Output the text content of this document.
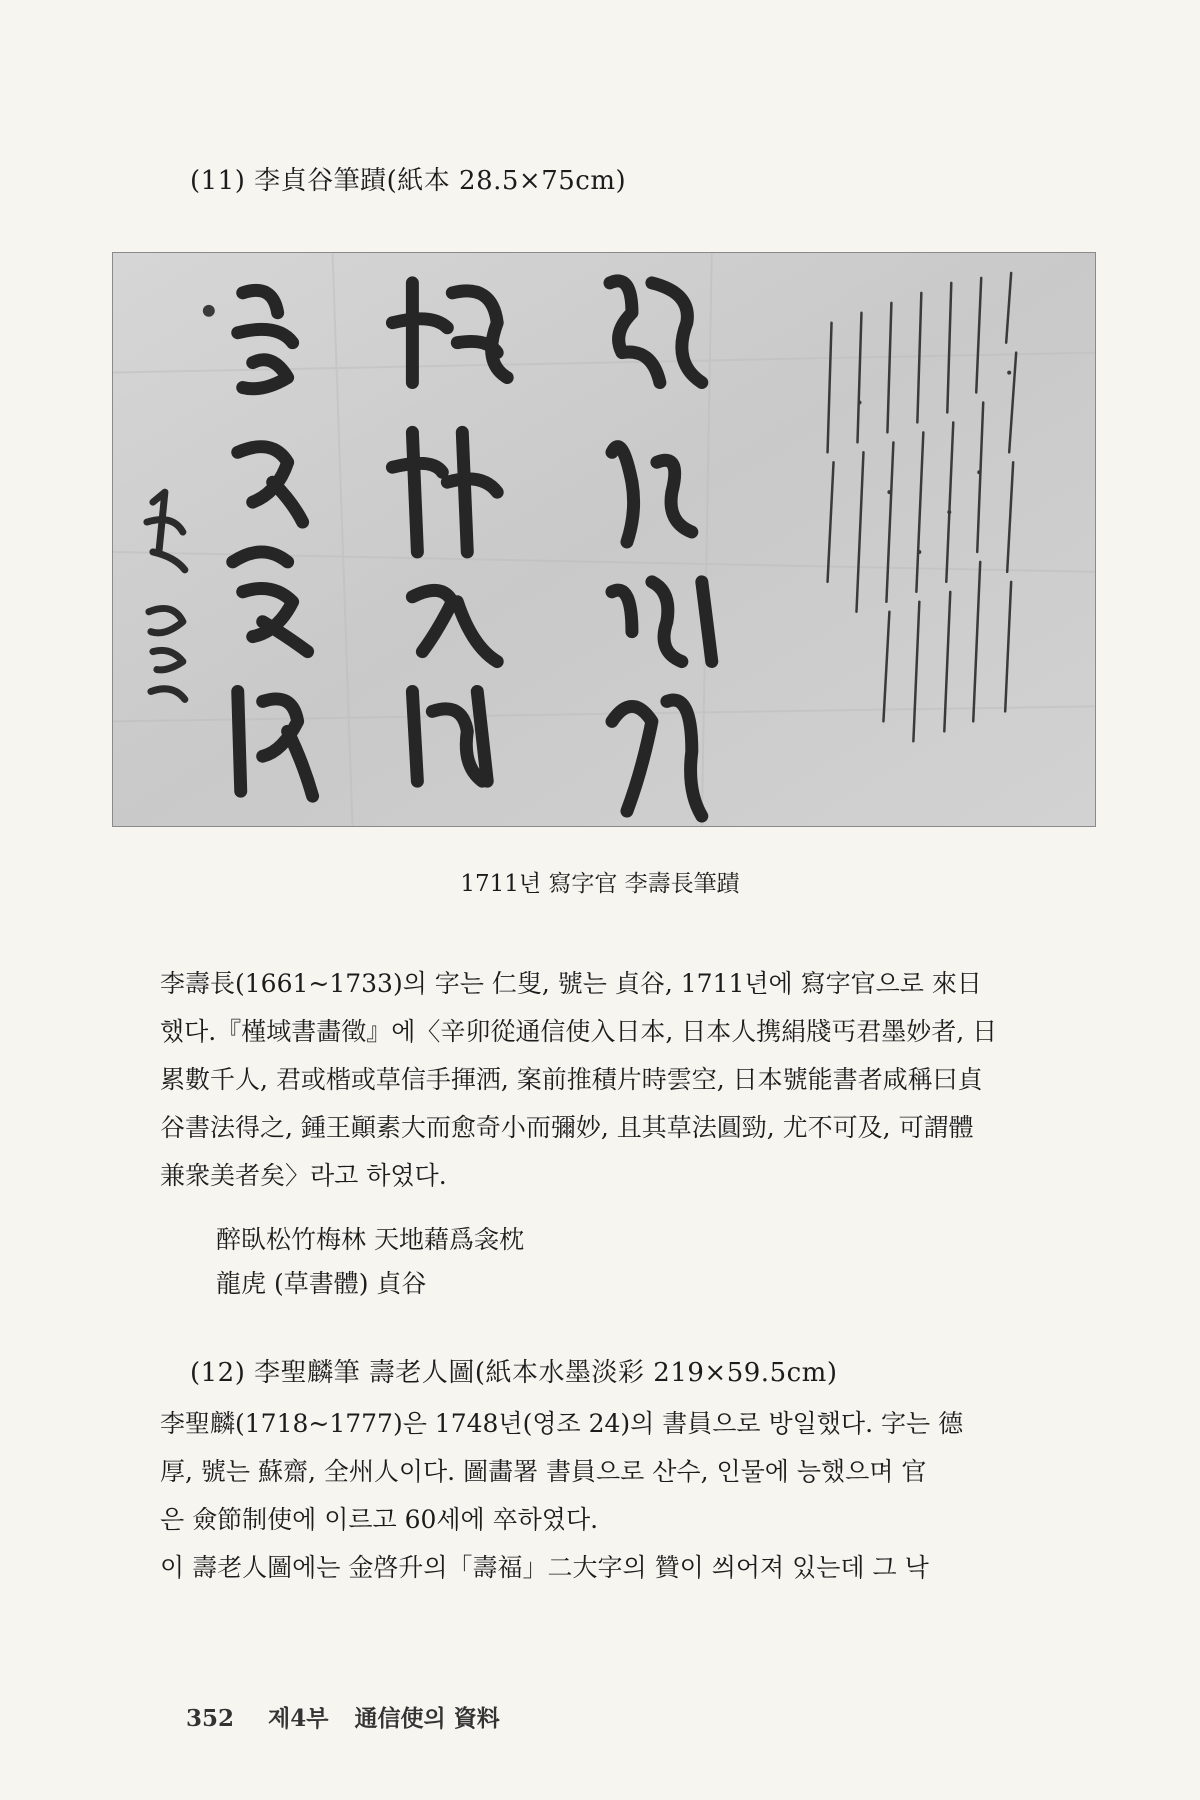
(11) 李貞谷筆蹟(紙本 28.5×75cm)
1711년 寫字官 李壽長筆蹟
李壽長(1661~1733)의 字는 仁叟, 號는 貞谷, 1711년에 寫字官으로 來日
했다.『槿域書畵徵』에〈辛卯從通信使入日本, 日本人携絹牋丐君墨妙者, 日
累數千人, 君或楷或草信手揮洒, 案前推積片時雲空, 日本號能書者咸稱曰貞
谷書法得之, 鍾王顚素大而愈奇小而彌妙, 且其草法圓勁, 尤不可及, 可謂體
兼衆美者矣〉라고 하였다.
醉臥松竹梅林 天地藉爲衾枕
龍虎 (草書體) 貞谷
(12) 李聖麟筆 壽老人圖(紙本水墨淡彩 219×59.5cm)
李聖麟(1718~1777)은 1748년(영조 24)의 書員으로 방일했다. 字는 德
厚, 號는 蘇齋, 全州人이다. 圖畵署 書員으로 산수, 인물에 능했으며 官
은 僉節制使에 이르고 60세에 卒하였다.
이 壽老人圖에는 金啓升의「壽福」二大字의 贊이 씌어져 있는데 그 낙
352 제4부 通信使의 資料
